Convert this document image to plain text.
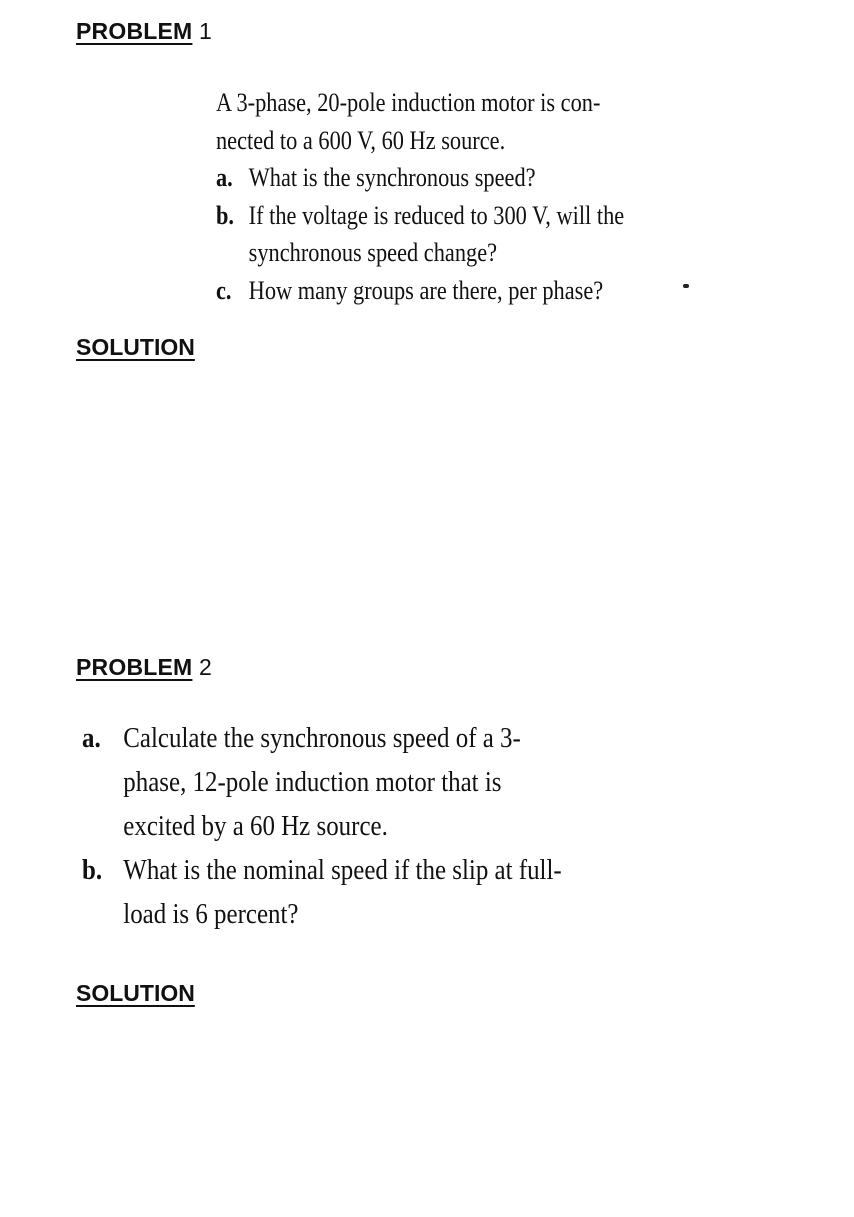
PROBLEM 1

A 3-phase, 20-pole induction motor is con- nected to a 600 V, 60 Hz source.

a. What is the synchronous speed?
b. If the voltage is reduced to 300 V, will the synchronous speed change?
c. How many groups are there, per phase?
SOLUTION
PROBLEM 2
a. Calculate the synchronous speed of a 3-phase, 12-pole induction motor that is excited by a 60 Hz source.
b. What is the nominal speed if the slip at full-load is 6 percent?
SOLUTION
